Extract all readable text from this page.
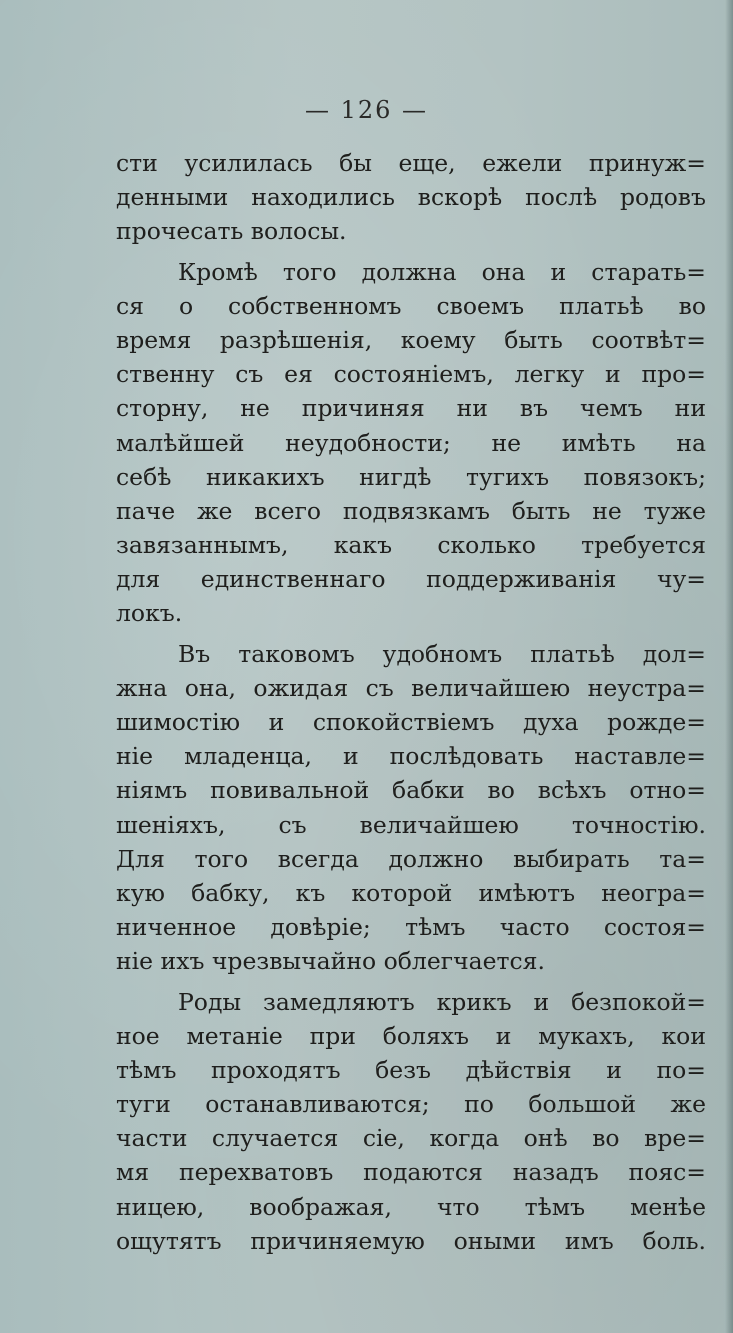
— 126 —
сти усилилась бы еще, ежели принуж=
денными находились вскорѣ послѣ родовъ
прочесать волосы.
Кромѣ того должна она и старать=
ся о собственномъ своемъ платьѣ во
время разрѣшенія, коему быть соотвѣт=
ственну съ ея состояніемъ, легку и про=
сторну, не причиняя ни въ чемъ ни
малѣйшей неудобности; не имѣть на
себѣ никакихъ нигдѣ тугихъ повязокъ;
паче же всего подвязкамъ быть не туже
завязаннымъ, какъ сколько требуется
для единственнаго поддерживанія чу=
локъ.
Въ таковомъ удобномъ платьѣ дол=
жна она, ожидая съ величайшею неустра=
шимостію и спокойствіемъ духа рожде=
ніе младенца, и послѣдовать наставле=
ніямъ повивальной бабки во всѣхъ отно=
шеніяхъ, съ величайшею точностію.
Для того всегда должно выбирать та=
кую бабку, къ которой имѣютъ неогра=
ниченное довѣріе; тѣмъ часто состоя=
ніе ихъ чрезвычайно облегчается.
Роды замедляютъ крикъ и безпокой=
ное метаніе при боляхъ и мукахъ, кои
тѣмъ проходятъ безъ дѣйствія и по=
туги останавливаются; по большой же
части случается сіе, когда онѣ во вре=
мя перехватовъ подаются назадъ пояс=
ницею, воображая, что тѣмъ менѣе
ощутятъ причиняемую оными имъ боль.
